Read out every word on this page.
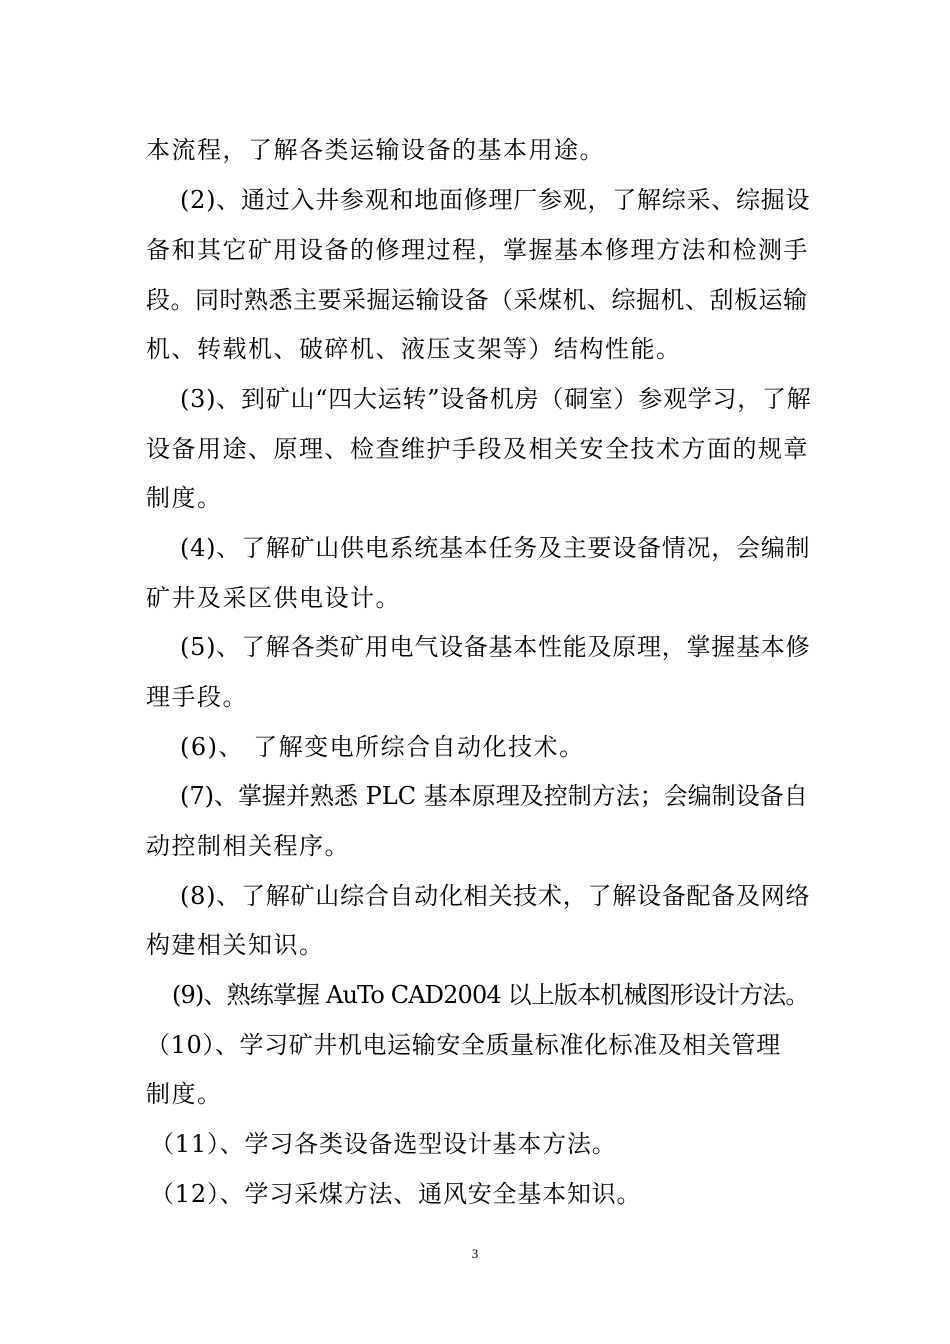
本流程，了解各类运输设备的基本用途。
(2)、通过入井参观和地面修理厂参观，了解综采、综掘设
备和其它矿用设备的修理过程，掌握基本修理方法和检测手
段。同时熟悉主要采掘运输设备（采煤机、综掘机、刮板运输
机、转载机、破碎机、液压支架等）结构性能。
(3)、到矿山“四大运转”设备机房（硐室）参观学习，了解
设备用途、原理、检查维护手段及相关安全技术方面的规章
制度。
(4)、了解矿山供电系统基本任务及主要设备情况，会编制
矿井及采区供电设计。
(5)、了解各类矿用电气设备基本性能及原理，掌握基本修
理手段。
(6)、 了解变电所综合自动化技术。
(7)、掌握并熟悉 PLC 基本原理及控制方法；会编制设备自
动控制相关程序。
(8)、了解矿山综合自动化相关技术，了解设备配备及网络
构建相关知识。
(9)、熟练掌握 AuTo CAD2004 以上版本机械图形设计方法。
（10）、学习矿井机电运输安全质量标准化标准及相关管理
制度。
（11）、学习各类设备选型设计基本方法。
（12）、学习采煤方法、通风安全基本知识。
3
